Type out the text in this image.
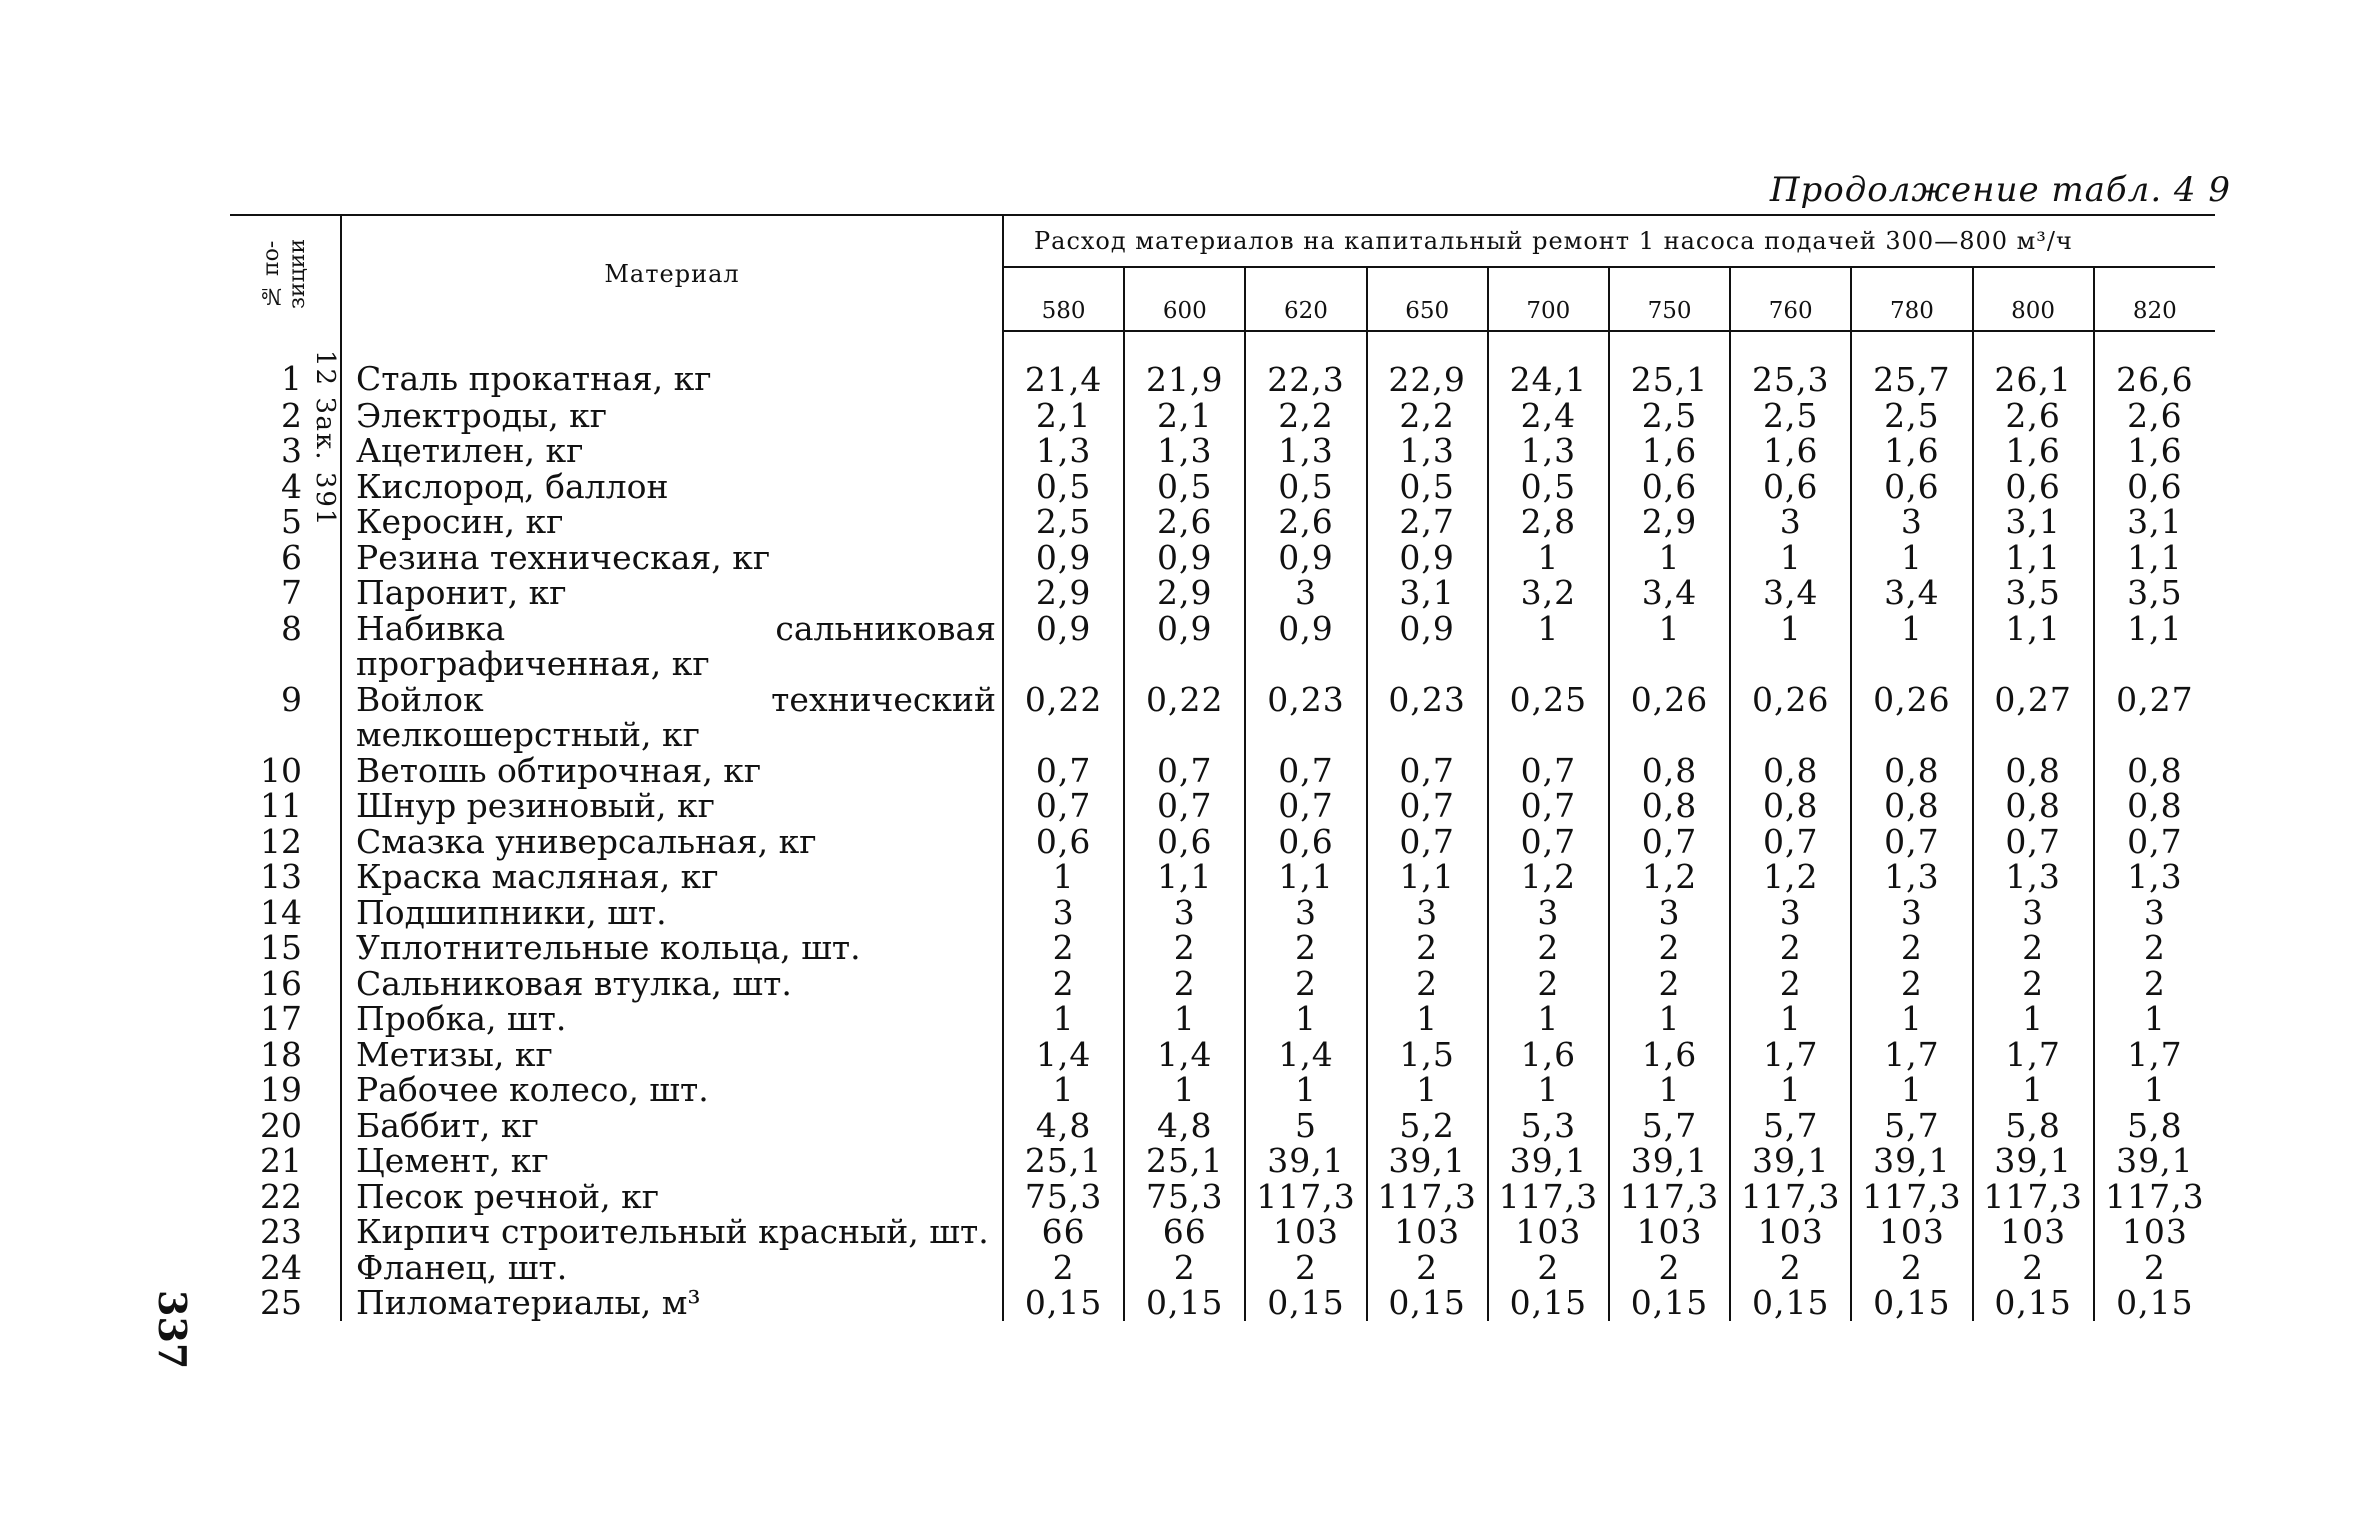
12 Зак. 391
337
Продолжение табл. 4 9
№ по- зиции	Материал	Расход материалов на капитальный ремонт 1 насоса подачей 300—800 м³/ч									
		580	600	620	650	700	750	760	780	800	820
1	Сталь прокатная, кг	21,4	21,9	22,3	22,9	24,1	25,1	25,3	25,7	26,1	26,6
2	Электроды, кг	2,1	2,1	2,2	2,2	2,4	2,5	2,5	2,5	2,6	2,6
3	Ацетилен, кг	1,3	1,3	1,3	1,3	1,3	1,6	1,6	1,6	1,6	1,6
4	Кислород, баллон	0,5	0,5	0,5	0,5	0,5	0,6	0,6	0,6	0,6	0,6
5	Керосин, кг	2,5	2,6	2,6	2,7	2,8	2,9	3	3	3,1	3,1
6	Резина техническая, кг	0,9	0,9	0,9	0,9	1	1	1	1	1,1	1,1
7	Паронит, кг	2,9	2,9	3	3,1	3,2	3,4	3,4	3,4	3,5	3,5
8	Набивка сальниковая прографиченная, кг	0,9	0,9	0,9	0,9	1	1	1	1	1,1	1,1
9	Войлок технический мелкошерстный, кг	0,22	0,22	0,23	0,23	0,25	0,26	0,26	0,26	0,27	0,27
10	Ветошь обтирочная, кг	0,7	0,7	0,7	0,7	0,7	0,8	0,8	0,8	0,8	0,8
11	Шнур резиновый, кг	0,7	0,7	0,7	0,7	0,7	0,8	0,8	0,8	0,8	0,8
12	Смазка универсальная, кг	0,6	0,6	0,6	0,7	0,7	0,7	0,7	0,7	0,7	0,7
13	Краска масляная, кг	1	1,1	1,1	1,1	1,2	1,2	1,2	1,3	1,3	1,3
14	Подшипники, шт.	3	3	3	3	3	3	3	3	3	3
15	Уплотнительные кольца, шт.	2	2	2	2	2	2	2	2	2	2
16	Сальниковая втулка, шт.	2	2	2	2	2	2	2	2	2	2
17	Пробка, шт.	1	1	1	1	1	1	1	1	1	1
18	Метизы, кг	1,4	1,4	1,4	1,5	1,6	1,6	1,7	1,7	1,7	1,7
19	Рабочее колесо, шт.	1	1	1	1	1	1	1	1	1	1
20	Баббит, кг	4,8	4,8	5	5,2	5,3	5,7	5,7	5,7	5,8	5,8
21	Цемент, кг	25,1	25,1	39,1	39,1	39,1	39,1	39,1	39,1	39,1	39,1
22	Песок речной, кг	75,3	75,3	117,3	117,3	117,3	117,3	117,3	117,3	117,3	117,3
23	Кирпич строительный красный, шт.	66	66	103	103	103	103	103	103	103	103
24	Фланец, шт.	2	2	2	2	2	2	2	2	2	2
25	Пиломатериалы, м³	0,15	0,15	0,15	0,15	0,15	0,15	0,15	0,15	0,15	0,15
